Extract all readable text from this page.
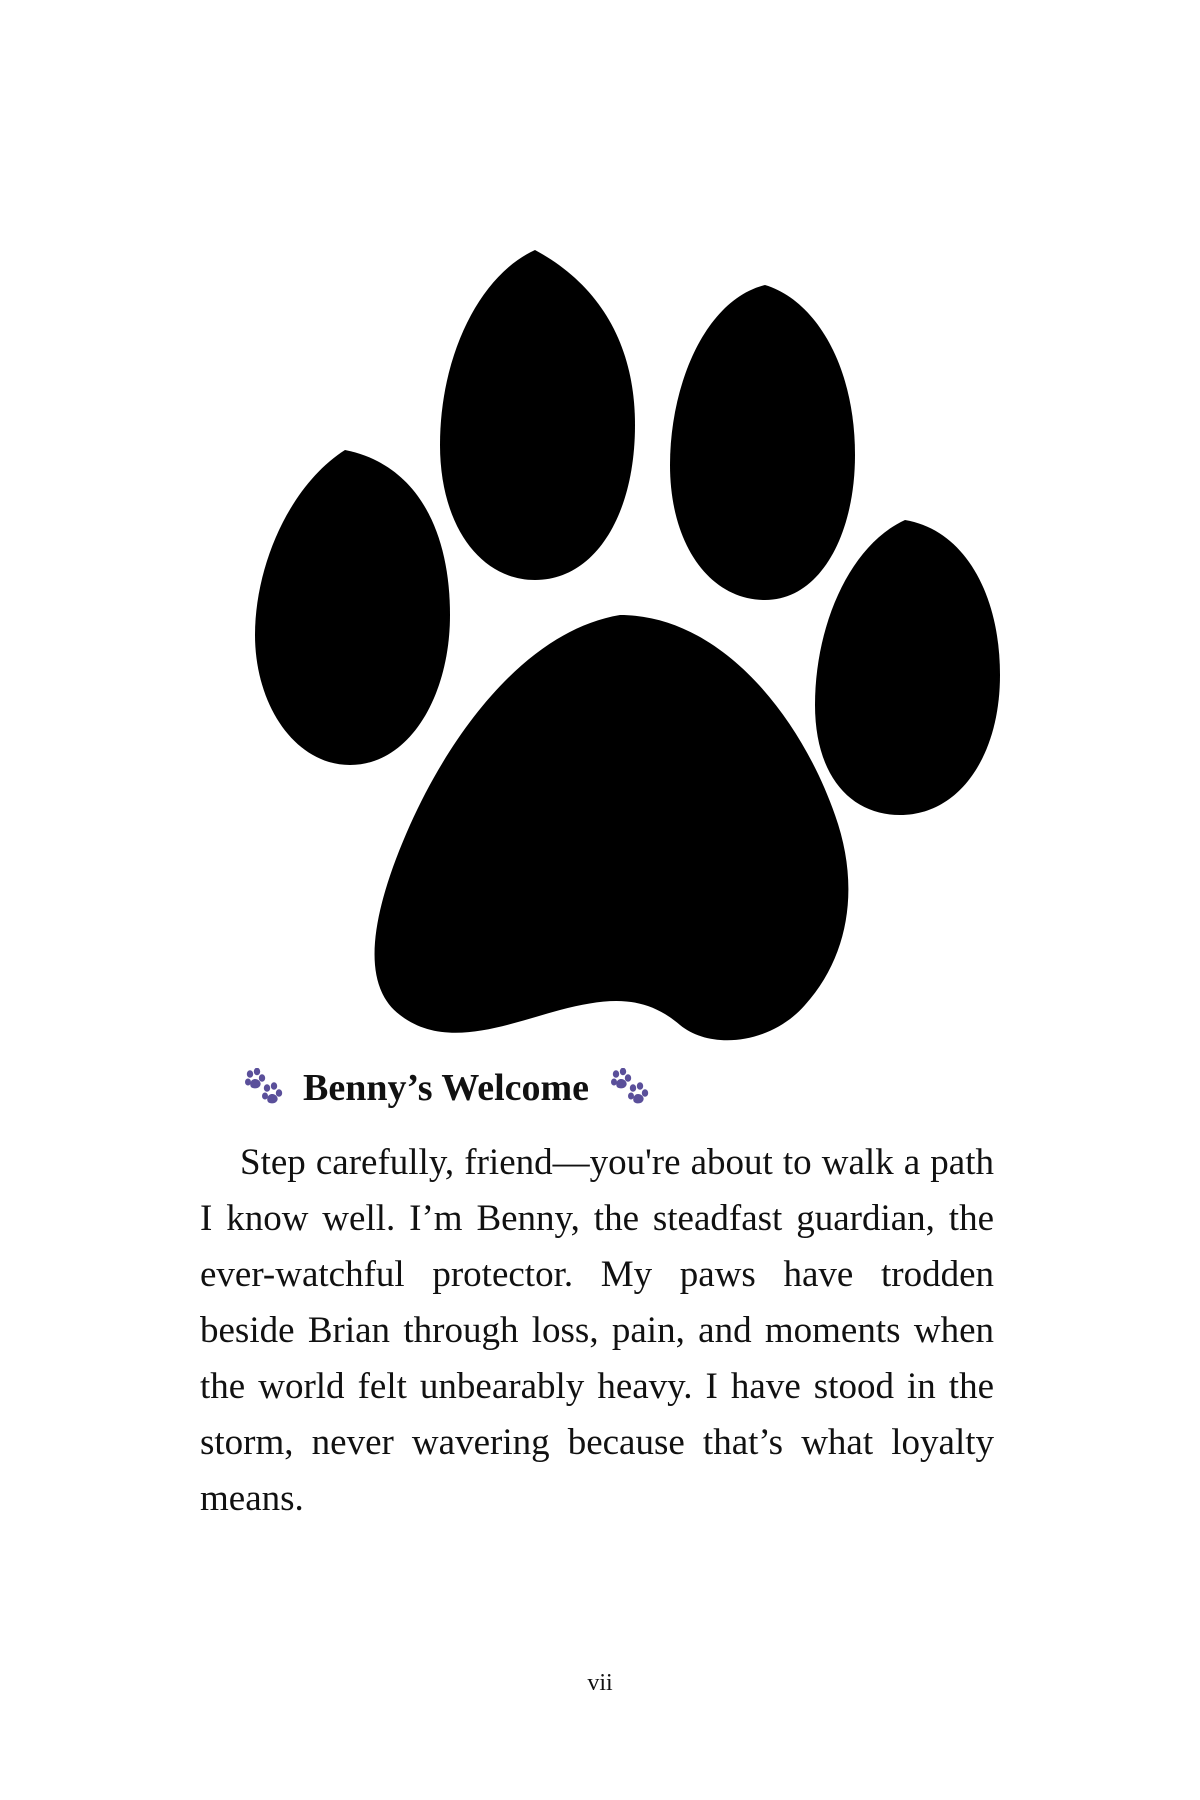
Benny’s Welcome

Step carefully, friend—you're about to walk a path I know well. I’m Benny, the steadfast guardian, the ever-watchful protector. My paws have trodden beside Brian through loss, pain, and moments when the world felt unbearably heavy. I have stood in the storm, never wavering because that’s what loyalty means.

vii
